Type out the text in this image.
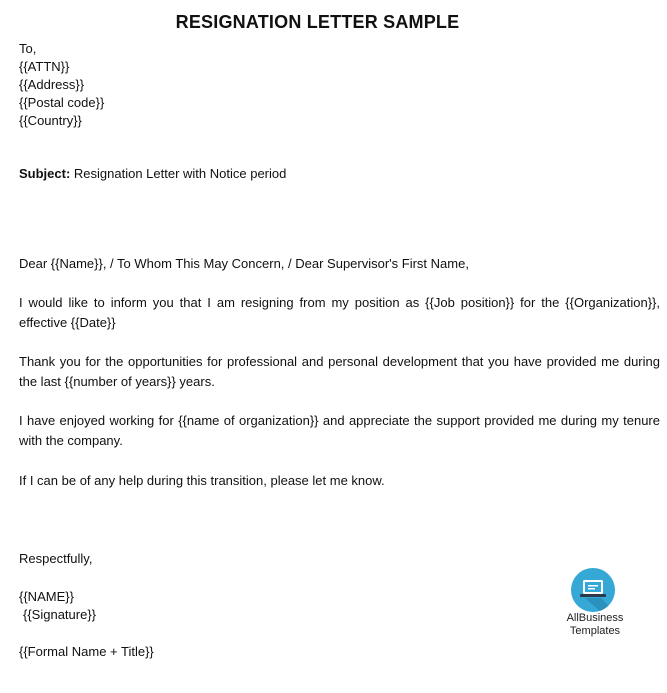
RESIGNATION LETTER SAMPLE
To,
{{ATTN}}
{{Address}}
{{Postal code}}
{{Country}}
Subject: Resignation Letter with Notice period
Dear {{Name}}, / To Whom This May Concern, / Dear Supervisor's First Name,
I would like to inform you that I am resigning from my position as {{Job position}} for the {{Organization}}, effective {{Date}}
Thank you for the opportunities for professional and personal development that you have provided me during the last {{number of years}} years.
I have enjoyed working for {{name of organization}} and appreciate the support provided me during my tenure with the company.
If I can be of any help during this transition, please let me know.
Respectfully,
{{NAME}}
{{Signature}}
{{Formal Name + Title}}
AllBusiness
Templates
